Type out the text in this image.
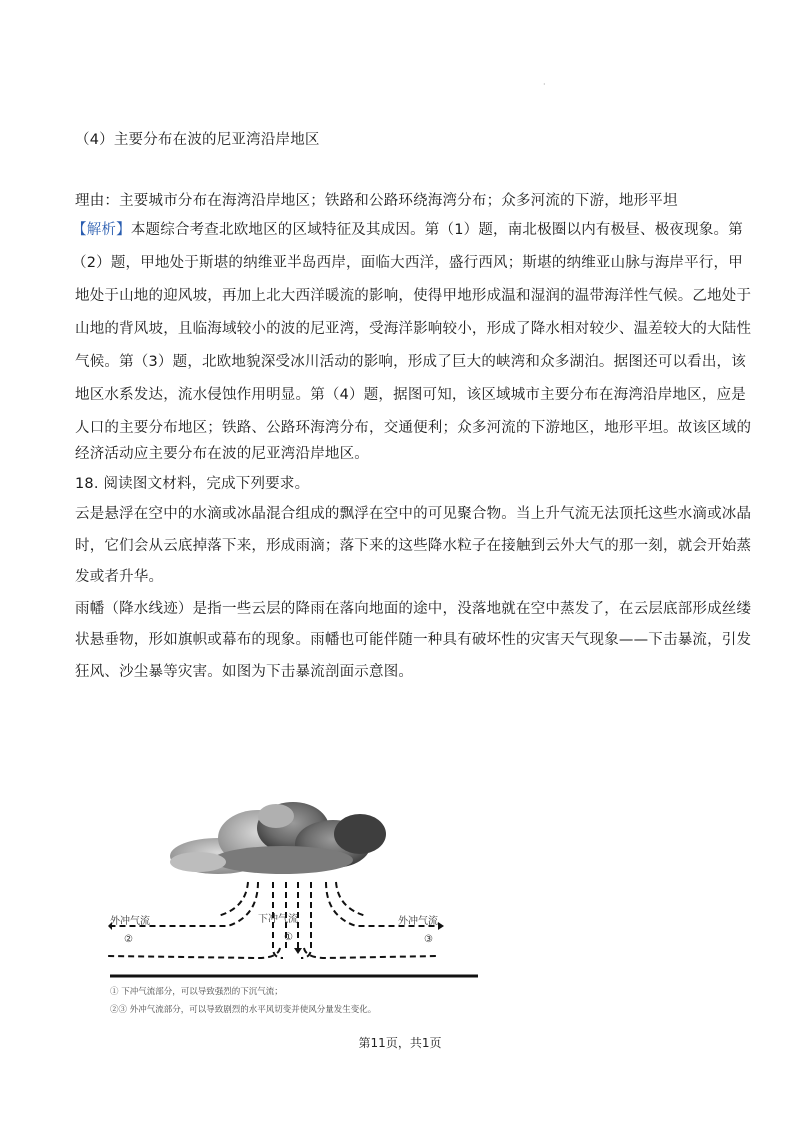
·
（4）主要分布在波的尼亚湾沿岸地区
理由：主要城市分布在海湾沿岸地区；铁路和公路环绕海湾分布；众多河流的下游，地形平坦
【解析】本题综合考查北欧地区的区域特征及其成因。第（1）题，南北极圈以内有极昼、极夜现象。第
（2）题，甲地处于斯堪的纳维亚半岛西岸，面临大西洋，盛行西风；斯堪的纳维亚山脉与海岸平行，甲
地处于山地的迎风坡，再加上北大西洋暖流的影响，使得甲地形成温和湿润的温带海洋性气候。乙地处于
山地的背风坡，且临海域较小的波的尼亚湾，受海洋影响较小，形成了降水相对较少、温差较大的大陆性
气候。第（3）题，北欧地貌深受冰川活动的影响，形成了巨大的峡湾和众多湖泊。据图还可以看出，该
地区水系发达，流水侵蚀作用明显。第（4）题，据图可知，该区域城市主要分布在海湾沿岸地区，应是
人口的主要分布地区；铁路、公路环海湾分布，交通便利；众多河流的下游地区，地形平坦。故该区域的
经济活动应主要分布在波的尼亚湾沿岸地区。
18. 阅读图文材料，完成下列要求。
云是悬浮在空中的水滴或冰晶混合组成的飘浮在空中的可见聚合物。当上升气流无法顶托这些水滴或冰晶
时，它们会从云底掉落下来，形成雨滴；落下来的这些降水粒子在接触到云外大气的那一刻，就会开始蒸
发或者升华。
雨幡（降水线迹）是指一些云层的降雨在落向地面的途中，没落地就在空中蒸发了，在云层底部形成丝缕
状悬垂物，形如旗帜或幕布的现象。雨幡也可能伴随一种具有破坏性的灾害天气现象——下击暴流，引发
狂风、沙尘暴等灾害。如图为下击暴流剖面示意图。
外冲气流
②
下冲气流
①
外冲气流
③
① 下冲气流部分，可以导致强烈的下沉气流；
②③ 外冲气流部分，可以导致剧烈的水平风切变并使风分量发生变化。
第11页，共1页
